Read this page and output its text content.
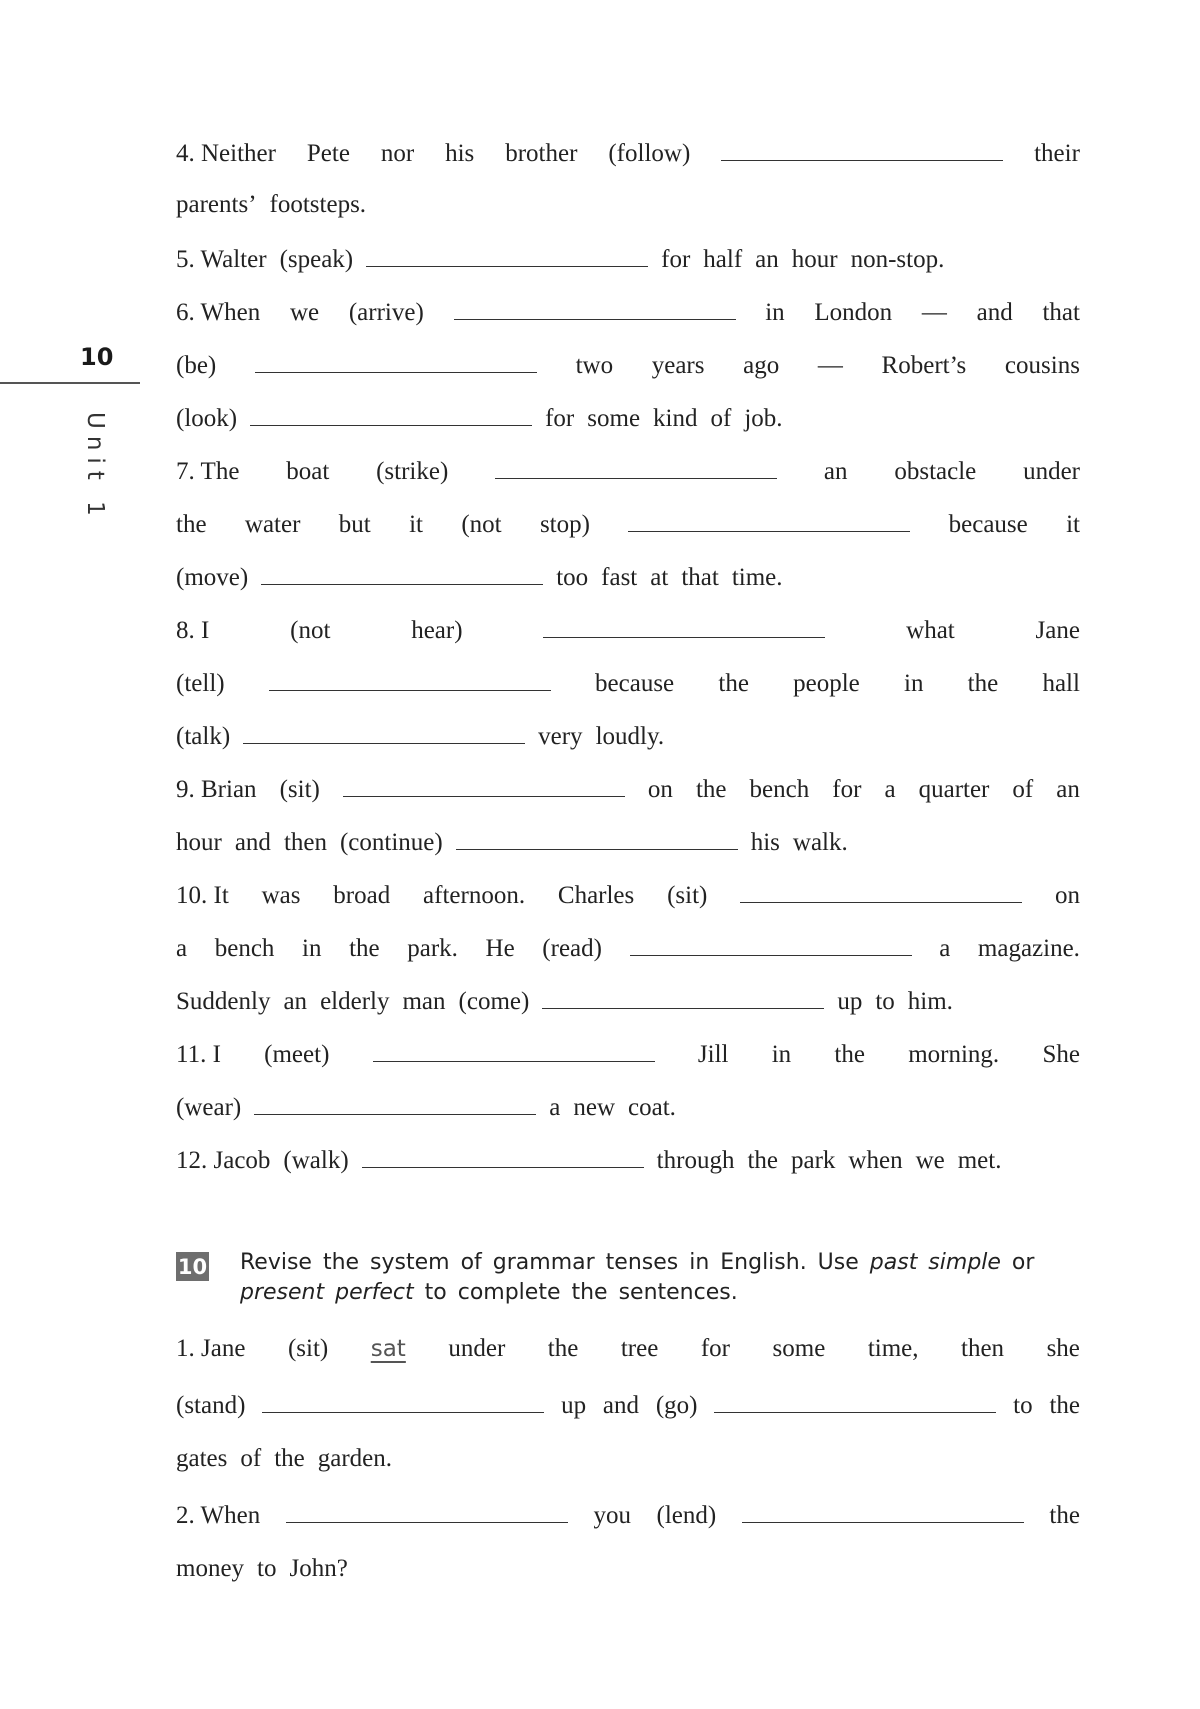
10
Unit 1
4. Neither Pete nor his brother (follow)	their
parents’ footsteps.
5. Walter (speak)	for half an hour non-stop.
6. When we (arrive)	in London — and that
(be)	two years ago — Robert’s cousins
(look)	for some kind of job.
7. The boat (strike)	an obstacle under
the water but it (not stop)	because it
(move)	too fast at that time.
8. I	(not	hear)	what	Jane
(tell)	because the people in the hall
(talk)	very loudly.
9. Brian (sit)	on the bench for a quarter of an
hour and then (continue)	his walk.
10. It was broad afternoon. Charles (sit)	on
a bench in the park. He (read)	a magazine.
Suddenly an elderly man (come)	up to him.
11. I (meet)	Jill in the morning. She
(wear)	a new coat.
12. Jacob (walk)	through the park when we met.
10 Revise the system of grammar tenses in English. Use past simple or present perfect to complete the sentences.
1. Jane (sit) sat under the tree for some time, then she
(stand)	up and (go)	to the
gates of the garden.
2. When	you (lend)	the
money to John?
